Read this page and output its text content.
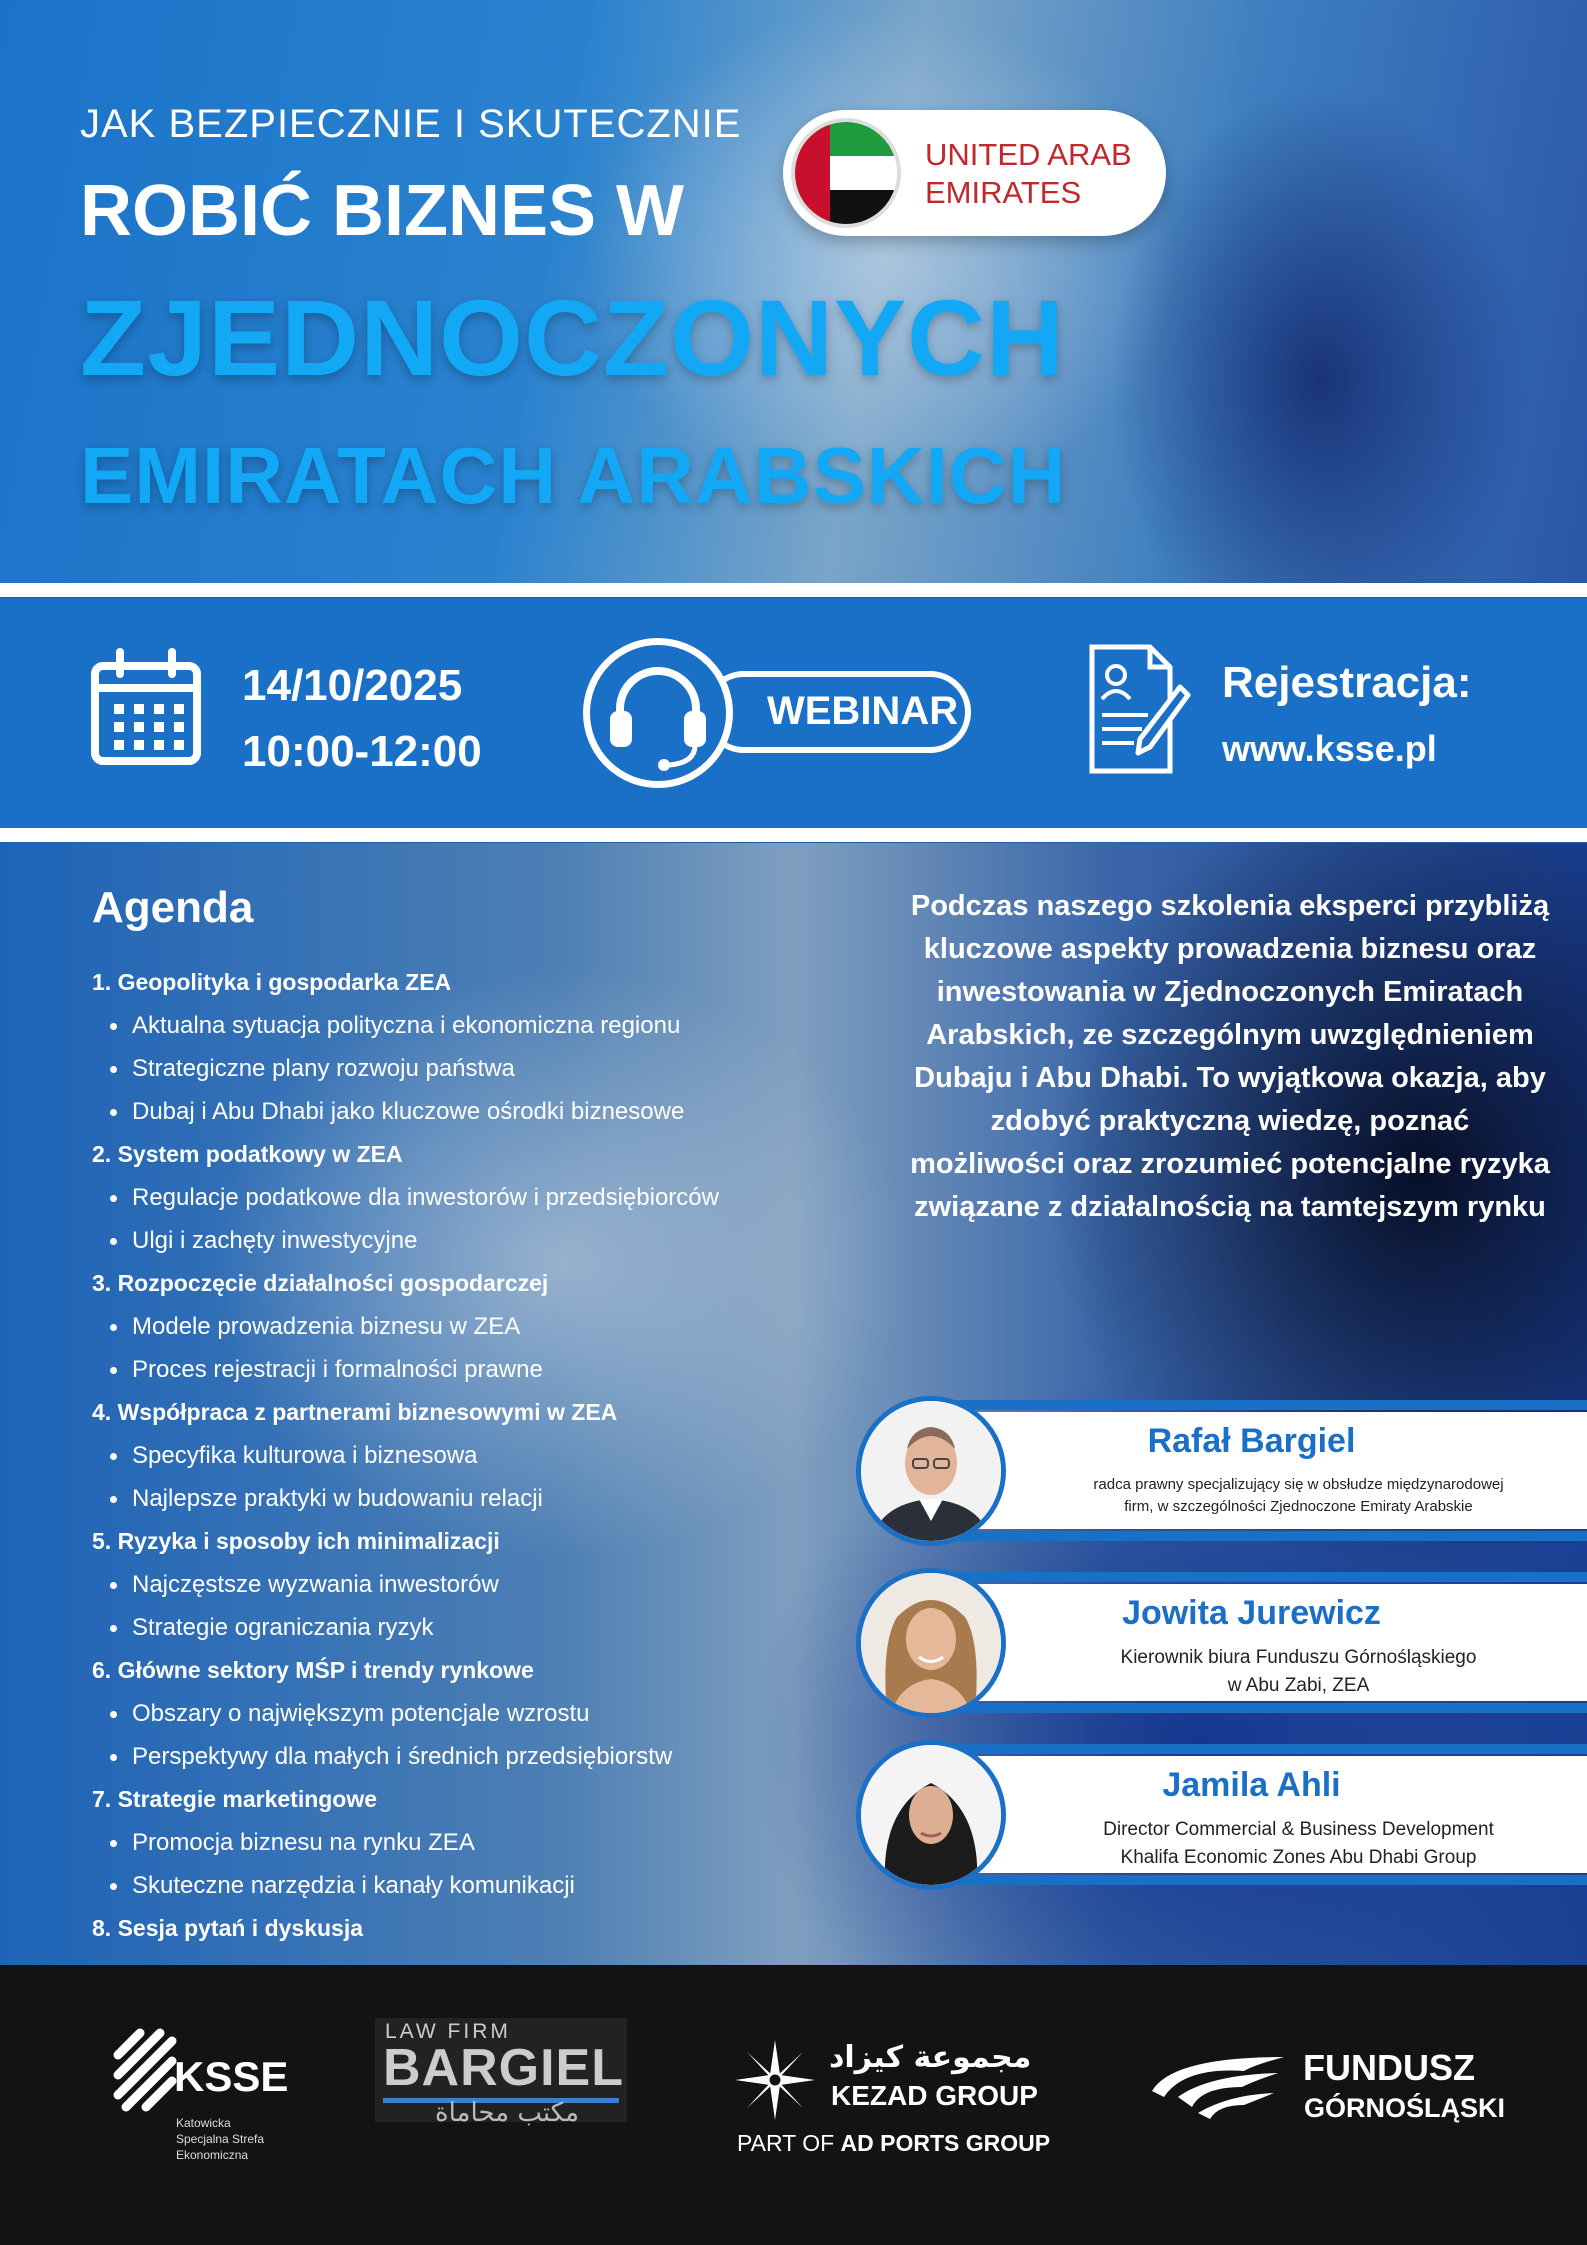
JAK BEZPIECZNIE I SKUTECZNIE
ROBIĆ BIZNES W
ZJEDNOCZONYCH
EMIRATACH ARABSKICH
UNITED ARAB
EMIRATES
14/10/2025
10:00-12:00
WEBINAR
Rejestracja:
www.ksse.pl
Agenda
1. Geopolityka i gospodarka ZEA
Aktualna sytuacja polityczna i ekonomiczna regionu
Strategiczne plany rozwoju państwa
Dubaj i Abu Dhabi jako kluczowe ośrodki biznesowe
2. System podatkowy w ZEA
Regulacje podatkowe dla inwestorów i przedsiębiorców
Ulgi i zachęty inwestycyjne
3. Rozpoczęcie działalności gospodarczej
Modele prowadzenia biznesu w ZEA
Proces rejestracji i formalności prawne
4. Współpraca z partnerami biznesowymi w ZEA
Specyfika kulturowa i biznesowa
Najlepsze praktyki w budowaniu relacji
5. Ryzyka i sposoby ich minimalizacji
Najczęstsze wyzwania inwestorów
Strategie ograniczania ryzyk
6. Główne sektory MŚP i trendy rynkowe
Obszary o największym potencjale wzrostu
Perspektywy dla małych i średnich przedsiębiorstw
7. Strategie marketingowe
Promocja biznesu na rynku ZEA
Skuteczne narzędzia i kanały komunikacji
8. Sesja pytań i dyskusja
Podczas naszego szkolenia eksperci przybliżą kluczowe aspekty prowadzenia biznesu oraz inwestowania w Zjednoczonych Emiratach Arabskich, ze szczególnym uwzględnieniem Dubaju i Abu Dhabi. To wyjątkowa okazja, aby zdobyć praktyczną wiedzę, poznać możliwości oraz zrozumieć potencjalne ryzyka związane z działalnością na tamtejszym rynku
Rafał Bargiel
radca prawny specjalizujący się w obsłudze międzynarodowej
firm, w szczególności Zjednoczone Emiraty Arabskie
Jowita Jurewicz
Kierownik biura Funduszu Górnośląskiego
w Abu Zabi, ZEA
Jamila Ahli
Director Commercial & Business Development
Khalifa Economic Zones Abu Dhabi Group
KSSE
Katowicka
Specjalna Strefa
Ekonomiczna
LAW FIRM
BARGIEL
مكتب محاماة
مجموعة كيزاد
KEZAD GROUP
PART OF AD PORTS GROUP
FUNDUSZ
GÓRNOŚLĄSKI
